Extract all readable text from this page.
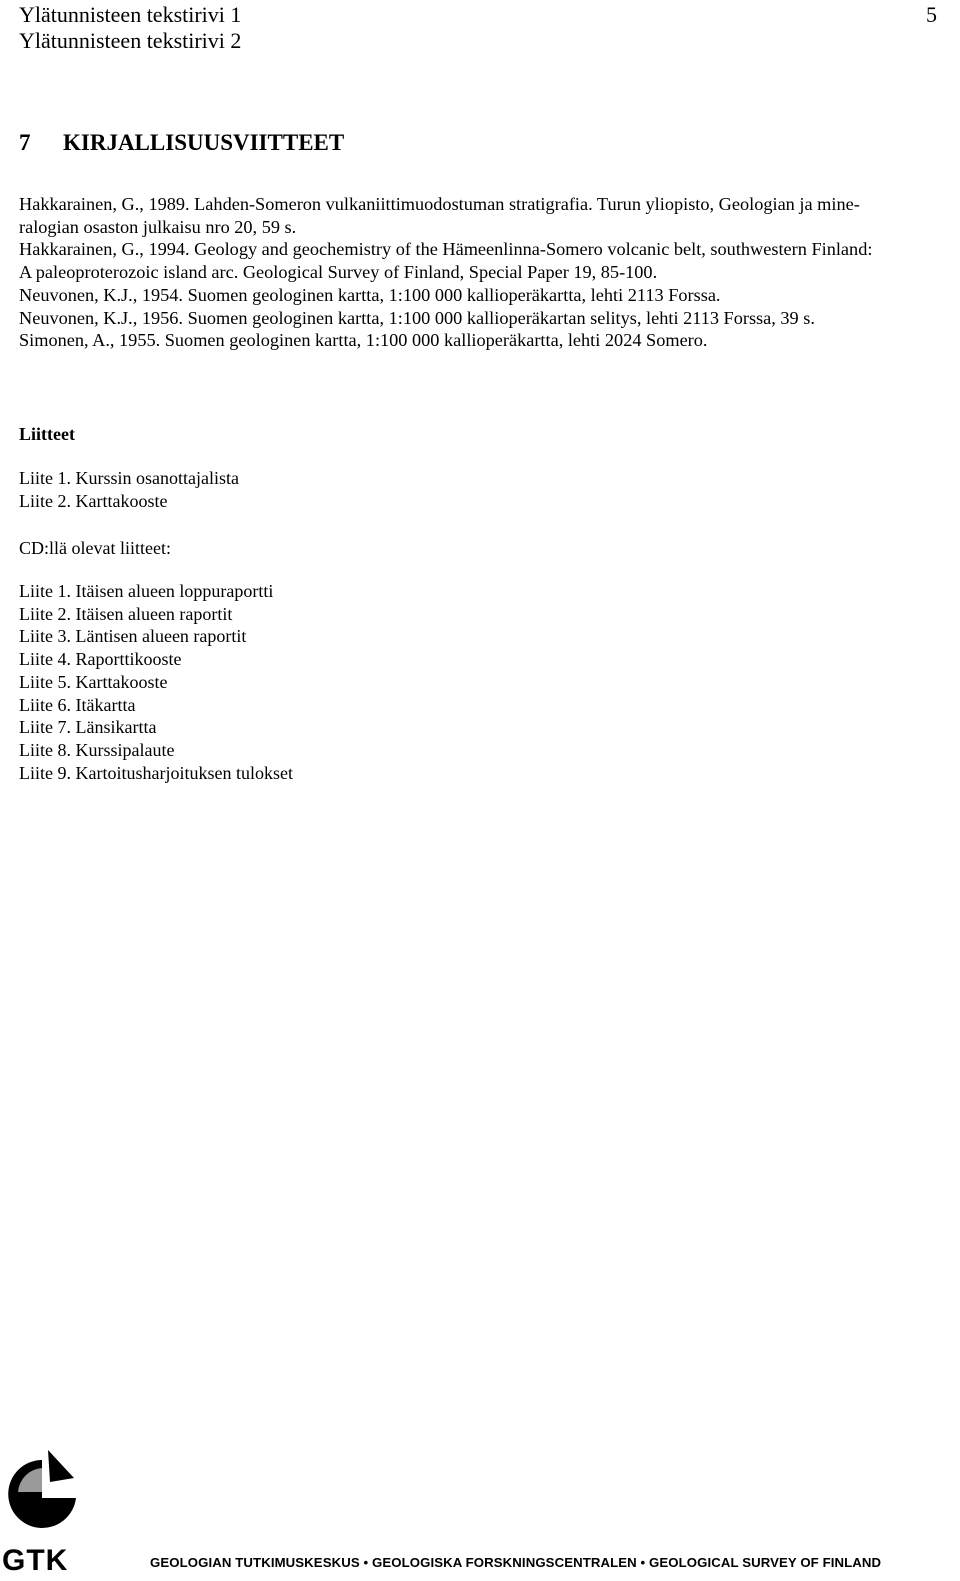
Ylätunnisteen tekstirivi 1
Ylätunnisteen tekstirivi 2
5
7 KIRJALLISUUSVIITTEET
Hakkarainen, G., 1989. Lahden-Someron vulkaniittimuodostuman stratigrafia. Turun yliopisto, Geologian ja mine-
ralogian osaston julkaisu nro 20, 59 s.
Hakkarainen, G., 1994. Geology and geochemistry of the Hämeenlinna-Somero volcanic belt, southwestern Finland:
A paleoproterozoic island arc. Geological Survey of Finland, Special Paper 19, 85-100.
Neuvonen, K.J., 1954. Suomen geologinen kartta, 1:100 000 kallioperäkartta, lehti 2113 Forssa.
Neuvonen, K.J., 1956. Suomen geologinen kartta, 1:100 000 kallioperäkartan selitys, lehti 2113 Forssa, 39 s.
Simonen, A., 1955. Suomen geologinen kartta, 1:100 000 kallioperäkartta, lehti 2024 Somero.
Liitteet
Liite 1. Kurssin osanottajalista
Liite 2. Karttakooste
CD:llä olevat liitteet:
Liite 1. Itäisen alueen loppuraportti
Liite 2. Itäisen alueen raportit
Liite 3. Läntisen alueen raportit
Liite 4. Raporttikooste
Liite 5. Karttakooste
Liite 6. Itäkartta
Liite 7. Länsikartta
Liite 8. Kurssipalaute
Liite 9. Kartoitusharjoituksen tulokset
GTK	GEOLOGIAN TUTKIMUSKESKUS • GEOLOGISKA FORSKNINGSCENTRALEN • GEOLOGICAL SURVEY OF FINLAND
